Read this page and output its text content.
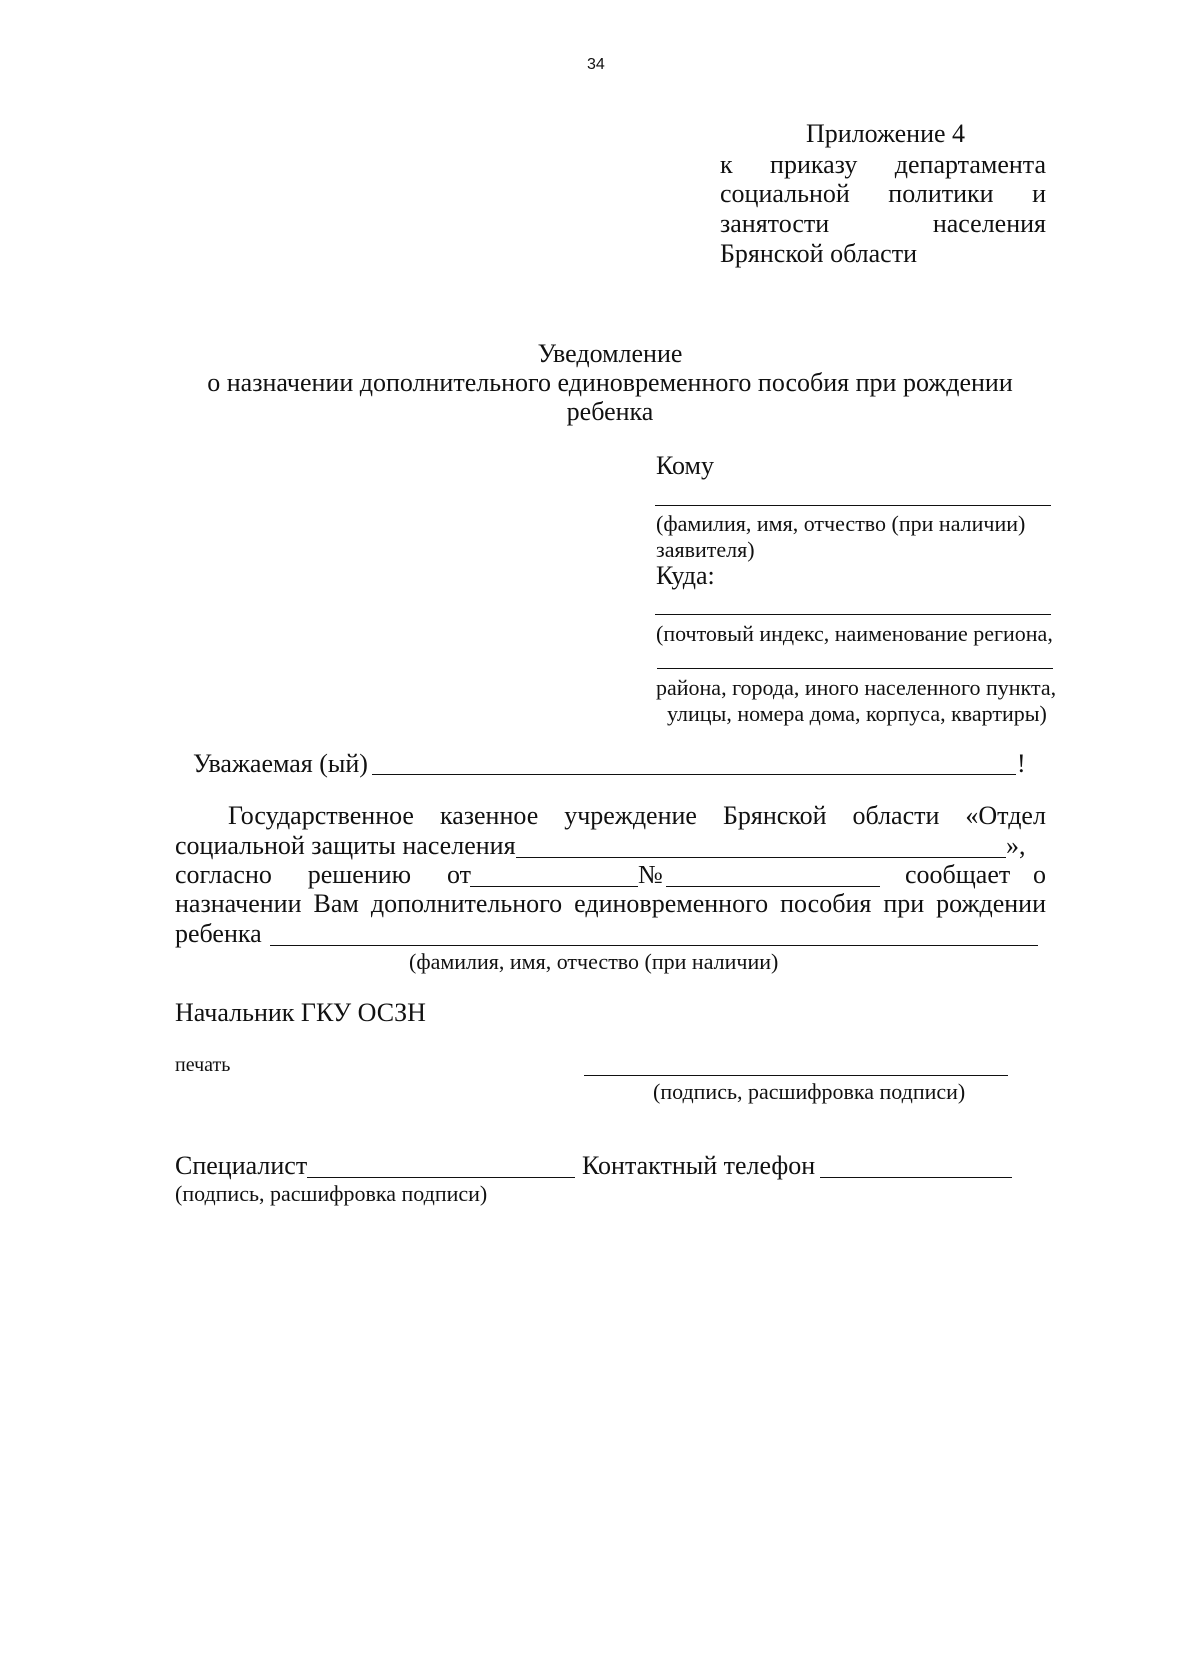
34
Приложение 4
к приказу департамента
социальной политики и
занятости	населения
Брянской области
Уведомление
о назначении дополнительного единовременного пособия при рождении
ребенка
Кому
(фамилия, имя, отчество (при наличии)
заявителя)
Куда:
(почтовый индекс, наименование региона,
района, города, иного населенного пункта,
улицы, номера дома, корпуса, квартиры)
Уважаемая (ый)	!
Государственное казенное учреждение Брянской области «Отдел
социальной защиты населения	»,
согласно решению от	№	сообщает о
назначении Вам дополнительного единовременного пособия при рождении
ребенка
(фамилия, имя, отчество (при наличии)
Начальник ГКУ ОСЗН
печать
(подпись, расшифровка подписи)
Специалист	Контактный телефон
(подпись, расшифровка подписи)
